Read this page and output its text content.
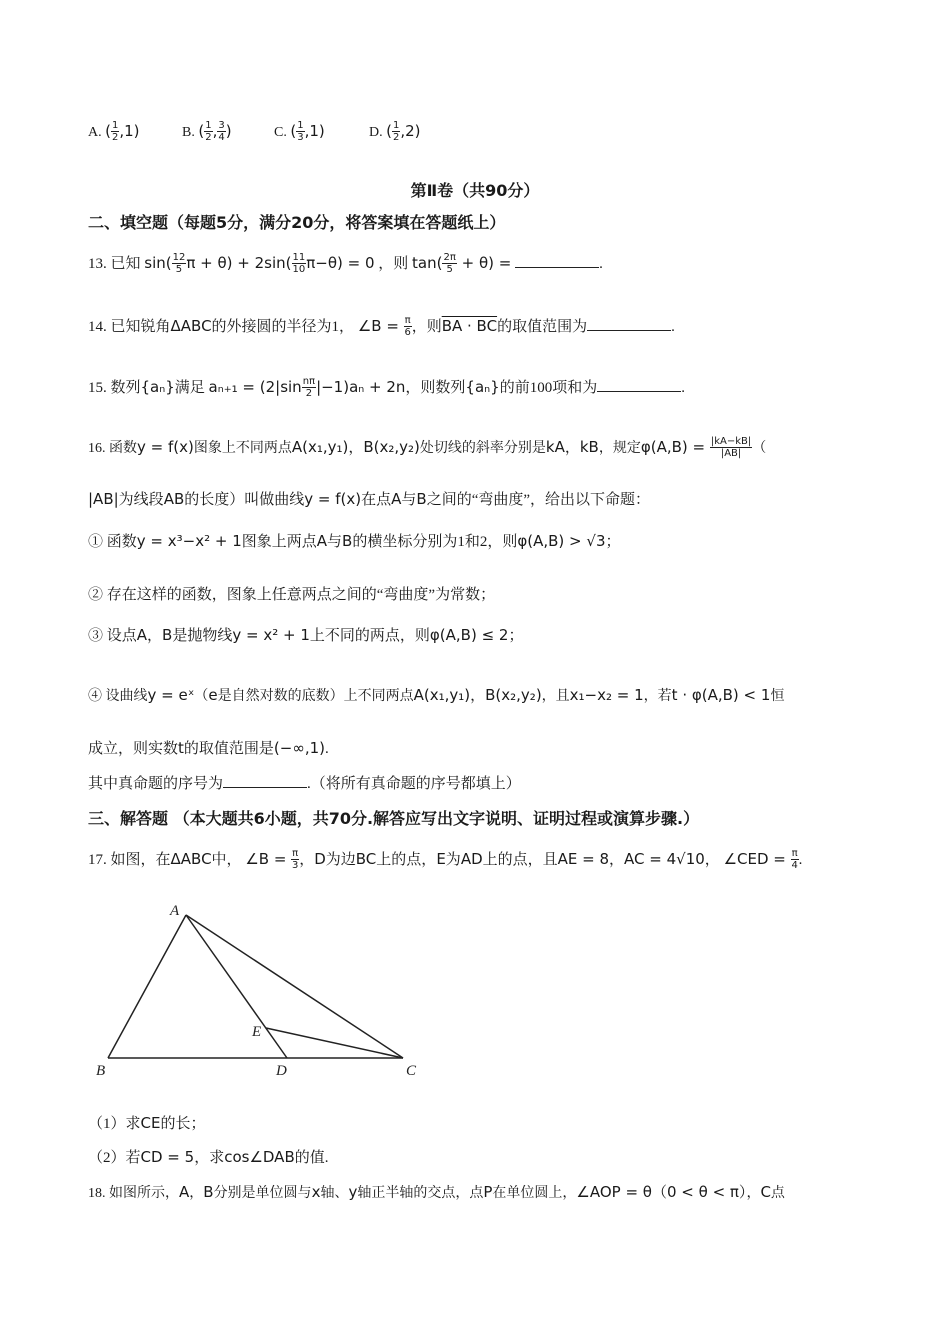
A. ( $\frac{1}{2} ,1$)	B. ( $\frac{1}{2}$ , $\frac{3}{4}$ )	C. ( $\frac{1}{3} ,1$)	D. ( $\frac{1}{2} ,2$)
第Ⅱ卷（共90分）
二、填空题（每题5分，满分20分，将答案填在答题纸上）
13. 已知 $\sin( \frac{12}{5}$ $\pi + \theta) + 2\sin( \frac{11}{10} \pi-\theta) = 0$ ，则 $\tan( \frac{2\pi}{5} + \theta)$ =	.
14. 已知锐角ΔABC的外接圆的半径为1， ∠B = $\frac{\pi}{6}$ ，则BA · BC的取值范围为	.
15. 数列{aₙ}满足 $a_{n+1} = (2|\sin \frac{n\pi}{2} |-1)a_n + 2n$，则数列{aₙ}的前100项和为	.
16. 函数y = f(x)图象上不同两点A(x₁,y₁)，B(x₂,y₂)处切线的斜率分别是kA，kB，规定$\varphi(A,B) = \frac{|kA-kB|}{|AB|}$ （
|AB|为线段AB的长度）叫做曲线y = f(x)在点A与B之间的“弯曲度”，给出以下命题：
① 函数y = x³−x² + 1图象上两点A与B的横坐标分别为1和2，则φ(A,B) > √3；
② 存在这样的函数，图象上任意两点之间的“弯曲度”为常数；
③ 设点A，B是抛物线y = x² + 1上不同的两点，则φ(A,B) ≤ 2；
④ 设曲线y = eˣ（e是自然对数的底数）上不同两点A(x₁,y₁)，B(x₂,y₂)，且x₁−x₂ = 1，若t · φ(A,B) < 1恒
成立，则实数t的取值范围是(−∞,1).
其中真命题的序号为	.（将所有真命题的序号都填上）
三、解答题 （本大题共6小题，共70分.解答应写出文字说明、证明过程或演算步骤.）
17. 如图，在ΔABC中， ∠B = $\frac{\pi}{3}$ ，D为边BC上的点，E为AD上的点，且AE = 8，AC = 4√10， ∠CED = $\frac{\pi}{4}$ .
A
B	D	C
E
（1）求CE的长；
（2）若CD = 5，求cos∠DAB的值.
18. 如图所示，A，B分别是单位圆与x轴、y轴正半轴的交点，点P在单位圆上，∠AOP = θ（0 < θ < π），C点
